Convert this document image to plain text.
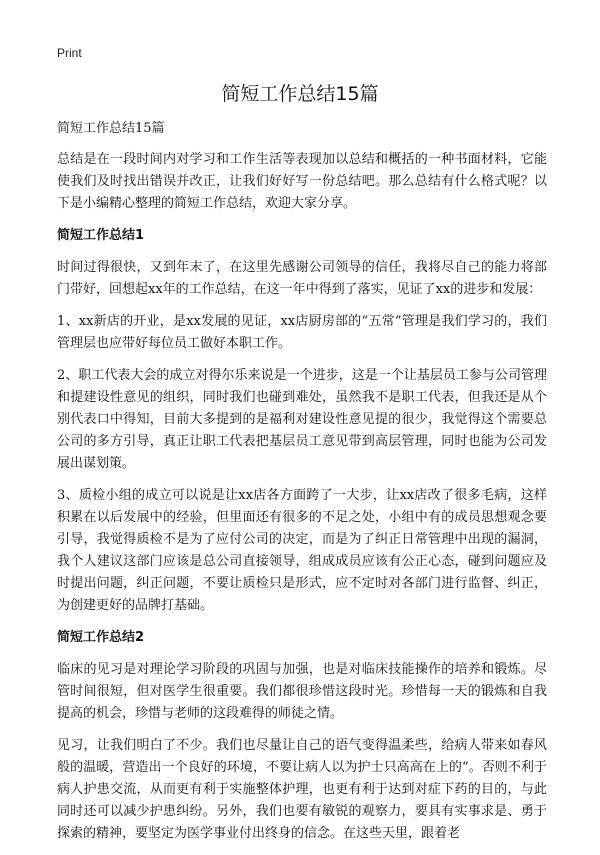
Print
简短工作总结15篇

简短工作总结15篇

总结是在一段时间内对学习和工作生活等表现加以总结和概括的一种书面材料，它能使我们及时找出错误并改正，让我们好好写一份总结吧。那么总结有什么格式呢？以下是小编精心整理的简短工作总结，欢迎大家分享。

简短工作总结1

时间过得很快，又到年末了，在这里先感谢公司领导的信任，我将尽自己的能力将部门带好，回想起xx年的工作总结，在这一年中得到了落实，见证了xx的进步和发展：

1、xx新店的开业，是xx发展的见证，xx店厨房部的“五常”管理是我们学习的，我们管理层也应带好每位员工做好本职工作。

2、职工代表大会的成立对得尔乐来说是一个进步，这是一个让基层员工参与公司管理和提建设性意见的组织，同时我们也碰到难处，虽然我不是职工代表，但我还是从个别代表口中得知，目前大多提到的是福利对建设性意见提的很少，我觉得这个需要总公司的多方引导，真正让职工代表把基层员工意见带到高层管理，同时也能为公司发展出谋划策。

3、质检小组的成立可以说是让xx店各方面跨了一大步，让xx店改了很多毛病，这样积累在以后发展中的经验，但里面还有很多的不足之处，小组中有的成员思想观念要引导，我觉得质检不是为了应付公司的决定，而是为了纠正日常管理中出现的漏洞，我个人建议这部门应该是总公司直接领导，组成成员应该有公正心态，碰到问题应及时提出问题，纠正问题，不要让质检只是形式，应不定时对各部门进行监督、纠正，为创建更好的品牌打基础。

简短工作总结2

临床的见习是对理论学习阶段的巩固与加强，也是对临床技能操作的培养和锻炼。尽管时间很短，但对医学生很重要。我们都很珍惜这段时光。珍惜每一天的锻炼和自我提高的机会，珍惜与老师的这段难得的师徒之情。

见习，让我们明白了不少。我们也尽量让自己的语气变得温柔些，给病人带来如春风般的温暖，营造出一个良好的环境，不要让病人以为护士只高高在上的“。否则不利于病人护患交流，从而更有利于实施整体护理，也更有利于达到对症下药的目的，与此同时还可以减少护患纠纷。另外，我们也要有敏锐的观察力，要具有实事求是、勇于探索的精神，要坚定为医学事业付出终身的信念。在这些天里，跟着老
